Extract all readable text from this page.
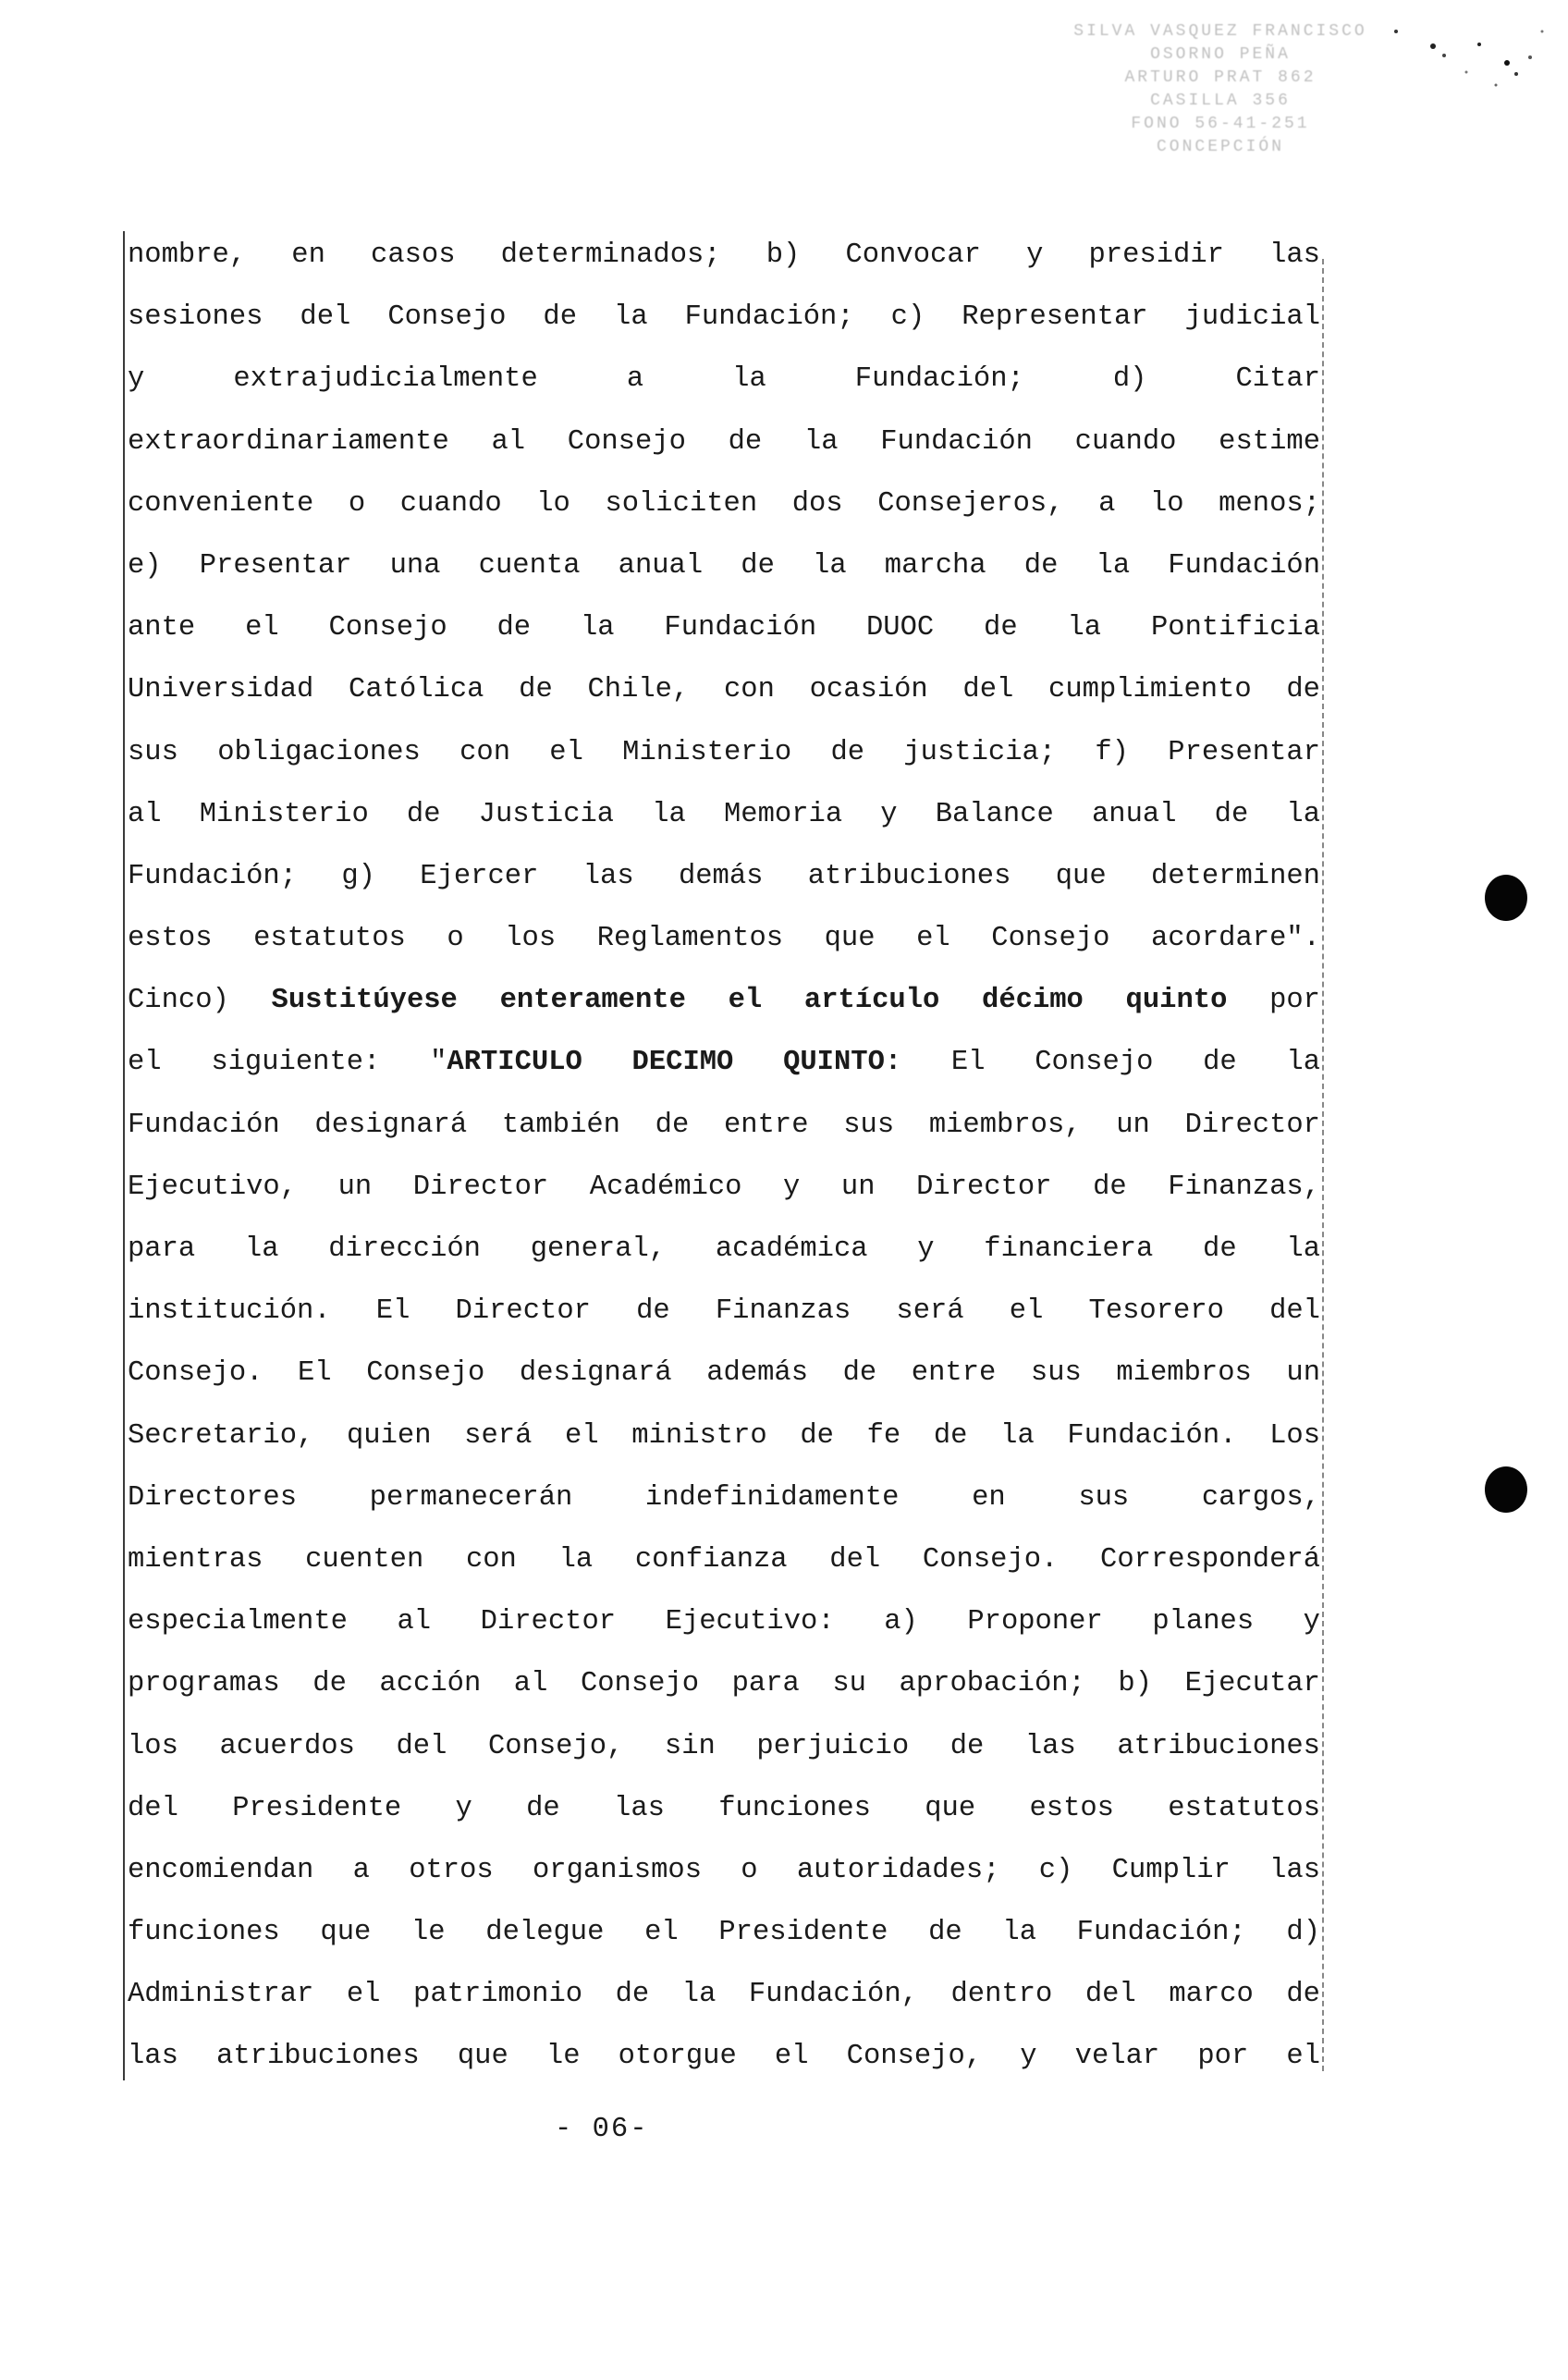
SILVA VASQUEZ FRANCISCO
OSORNO PEÑA
ARTURO PRAT 862
CASILLA 356
FONO 56-41-251
CONCEPCIÓN
nombre, en casos determinados; b) Convocar y presidir las
sesiones del Consejo de la Fundación; c) Representar judicial
y extrajudicialmente a la Fundación; d) Citar
extraordinariamente al Consejo de la Fundación cuando estime
conveniente o cuando lo soliciten dos Consejeros, a lo menos;
e) Presentar una cuenta anual de la marcha de la Fundación
ante el Consejo de la Fundación DUOC de la Pontificia
Universidad Católica de Chile, con ocasión del cumplimiento de
sus obligaciones con el Ministerio de justicia; f) Presentar
al Ministerio de Justicia la Memoria y Balance anual de la
Fundación; g) Ejercer las demás atribuciones que determinen
estos estatutos o los Reglamentos que el Consejo acordare".
Cinco) Sustitúyese enteramente el artículo décimo quinto por
el siguiente: "ARTICULO DECIMO QUINTO: El Consejo de la
Fundación designará también de entre sus miembros, un Director
Ejecutivo, un Director Académico y un Director de Finanzas,
para la dirección general, académica y financiera de la
institución. El Director de Finanzas será el Tesorero del
Consejo. El Consejo designará además de entre sus miembros un
Secretario, quien será el ministro de fe de la Fundación. Los
Directores permanecerán indefinidamente en sus cargos,
mientras cuenten con la confianza del Consejo. Corresponderá
especialmente al Director Ejecutivo: a) Proponer planes y
programas de acción al Consejo para su aprobación; b) Ejecutar
los acuerdos del Consejo, sin perjuicio de las atribuciones
del Presidente y de las funciones que estos estatutos
encomiendan a otros organismos o autoridades; c) Cumplir las
funciones que le delegue el Presidente de la Fundación; d)
Administrar el patrimonio de la Fundación, dentro del marco de
las atribuciones que le otorgue el Consejo, y velar por el
- 06-
